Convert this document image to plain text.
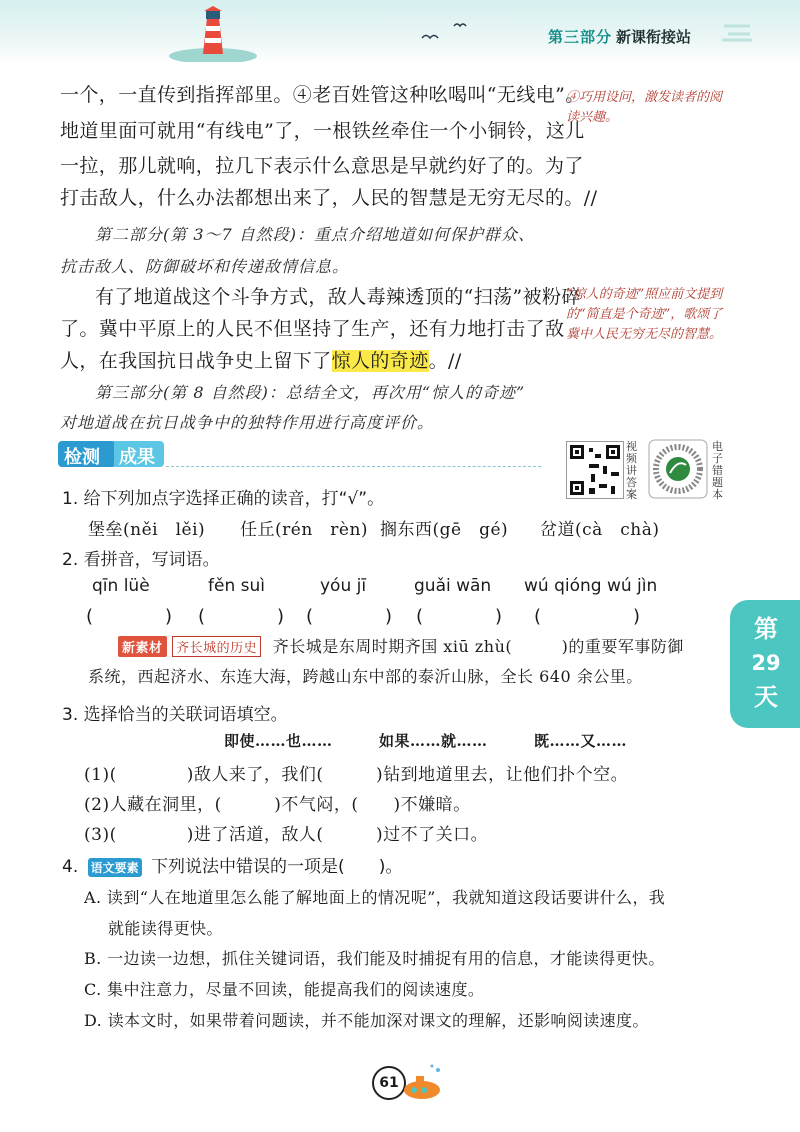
第三部分 新课衔接站
一个，一直传到指挥部里。④老百姓管这种吆喝叫“无线电”。
地道里面可就用“有线电”了，一根铁丝牵住一个小铜铃，这儿
一拉，那儿就响，拉几下表示什么意思是早就约好了的。为了
打击敌人，什么办法都想出来了，人民的智慧是无穷无尽的。//
第二部分(第 3～7 自然段)：重点介绍地道如何保护群众、
抗击敌人、防御破坏和传递敌情信息。
有了地道战这个斗争方式，敌人毒辣透顶的“扫荡”被粉碎
了。冀中平原上的人民不但坚持了生产，还有力地打击了敌
人，在我国抗日战争史上留下了惊人的奇迹。//
第三部分(第 8 自然段)：总结全文，再次用“惊人的奇迹”
对地道战在抗日战争中的独特作用进行高度评价。
④巧用设问，激发读者的阅读兴趣。
“惊人的奇迹”照应前文提到的“简直是个奇迹”，歌颂了冀中人民无穷无尽的智慧。
检测 成果
视频讲答案
电子错题本
1. 给下列加点字选择正确的读音，打“√”。
堡垒(něi　lěi) 任丘(rén　rèn) 搁东西(gē　gé) 岔道(cà　chà)
2. 看拼音，写词语。
qīn lüè	fěn suì	yóu jī	guǎi wān wú qióng wú jìn
(　　　　) (　　　　) (　　　　) (　　　　) (　　　　)
新素材 齐长城的历史 齐长城是东周时期齐国 xiū zhù(　　　)的重要军事防御
系统，西起济水、东连大海，跨越山东中部的泰沂山脉，全长 640 余公里。
第
29
天
3. 选择恰当的关联词语填空。
即使……也……　　　如果……就……　　　既……又……
(1)(　　　　)敌人来了，我们(　　　)钻到地道里去，让他们扑个空。
(2)人藏在洞里，(　　　)不气闷，(　　)不嫌暗。
(3)(　　　　)进了活道，敌人(　　　)过不了关口。
4. 语文要素 下列说法中错误的一项是(　　)。
A. 读到“人在地道里怎么能了解地面上的情况呢”，我就知道这段话要讲什么，我
就能读得更快。
B. 一边读一边想，抓住关键词语，我们能及时捕捉有用的信息，才能读得更快。
C. 集中注意力，尽量不回读，能提高我们的阅读速度。
D. 读本文时，如果带着问题读，并不能加深对课文的理解，还影响阅读速度。
61
